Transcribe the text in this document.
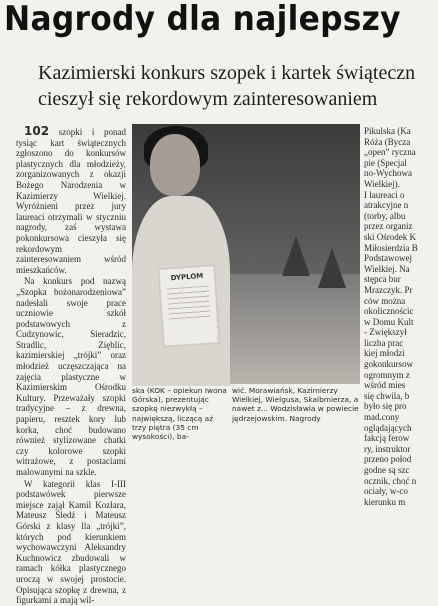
Nagrody dla najlepszy
Kazimierski konkurs szopek i kartek świąteczn
cieszył się rekordowym zainteresowaniem

102 szopki i ponad tysiąc kart świątecznych zgłoszono do konkursów plastycznych dla młodzieży, zorganizowanych z okazji Bożego Narodzenia w Kazimierzy Wielkiej. Wyróżnieni przez jury laureaci otrzymali w styczniu nagrody, zaś wystawa pokonkursowa cieszyła się rekordowym zainteresowaniem wśród mieszkańców.

Na konkurs pod nazwą „Szopka bożonarodzeniowa” nadesłali swoje prace uczniowie szkół podstawowych z Cudzynowic, Sieradzic, Stradlic, Zięblic, kazimierskiej „trójki” oraz młodzież uczęszczająca na zajęcia plastyczne w Kazimierskim Ośrodku Kultury. Przeważały szopki tradycyjne – z drewna, papieru, resztek kory lub korka, choć budowano również stylizowane chatki czy kolorowe szopki witrażowe, z postaciami malowanymi na szkle.

W kategorii klas I-III podstawówek pierwsze miejsce zajął Kamil Kozłara, Mateusz Śledź i Mateusz Górski z klasy lla „trójki”, których pod kierunkiem wychowawczyni Aleksandry Kuchnowicz zbudowali w ramach kółka plastycznego uroczą w swojej prostocie. Opisująca szopkę z drewna, z figurkami a mają wil-

DYPLOM
Fot. Z. Ziółko
ska (KOK – opiekun Iwona Górska), prezentując szopkę niezwykłą – największą, liczącą aż trzy piętra (35 cm wysokości), ba-
wić. Morawiańsk, Kazimierzy Wielkiej, Wielgusa, Skalbmierza, a nawet z... Wodzisławia w powiecie jędrzejowskim. Nagrody
Pikulska (Ka
Róża (Bycza
„open” ryczna
pie (Specjal
no-Wychowa
Wielkiej).
I laureaci o
atrakcyjne n
(torby, albu
przez organiz
ski Ośrodek K
Miłosierdzia B
Podstawowej
Wielkiej. Na
stępca bur
Mrazczyk. Pr
ców można
okolicznościc
w Domu Kult
- Zwiększył
liczba prac
kiej młodzi
gokonkursow
ogromnym z
wśród mies
się chwila, b
było się pro
mad.cony
oglądających
fakcją ferow
ry, instruktor
przeno połod
godne są szc
ocznik, choć n
ociały, w-co
kierunku m
